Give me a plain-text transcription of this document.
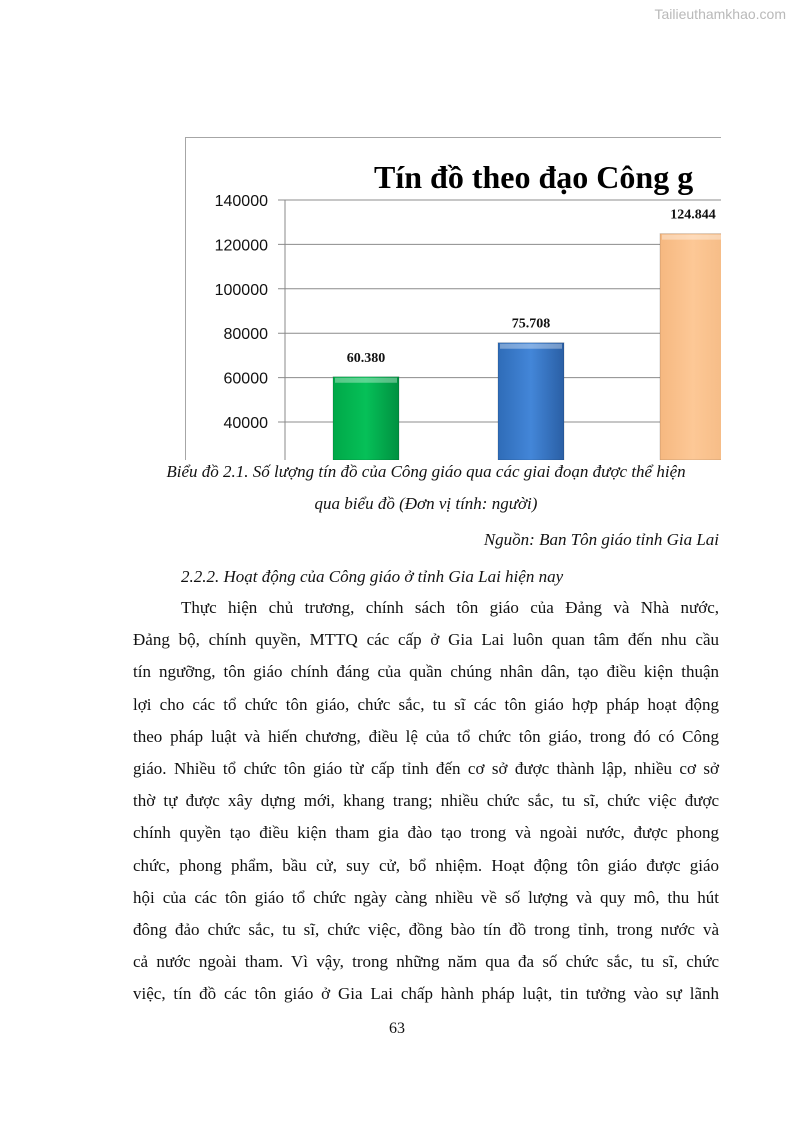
Tailieuthamkhao.com
Tín đồ theo đạo Công g
140000
120000
100000
80000
60000
40000
60.380
75.708
124.844
Biểu đồ 2.1. Số lượng tín đồ của Công giáo qua các giai đoạn được thể hiện
qua biểu đồ (Đơn vị tính: người)
Nguồn: Ban Tôn giáo tỉnh Gia Lai
2.2.2. Hoạt động của Công giáo ở tỉnh Gia Lai hiện nay
Thực hiện chủ trương, chính sách tôn giáo của Đảng và Nhà nước,
Đảng bộ, chính quyền, MTTQ các cấp ở Gia Lai luôn quan tâm đến nhu cầu
tín ngưỡng, tôn giáo chính đáng của quần chúng nhân dân, tạo điều kiện thuận
lợi cho các tổ chức tôn giáo, chức sắc, tu sĩ các tôn giáo hợp pháp hoạt động
theo pháp luật và hiến chương, điều lệ của tổ chức tôn giáo, trong đó có Công
giáo. Nhiều tổ chức tôn giáo từ cấp tỉnh đến cơ sở được thành lập, nhiều cơ sở
thờ tự được xây dựng mới, khang trang; nhiều chức sắc, tu sĩ, chức việc được
chính quyền tạo điều kiện tham gia đào tạo trong và ngoài nước, được phong
chức, phong phẩm, bầu cử, suy cử, bổ nhiệm. Hoạt động tôn giáo được giáo
hội của các tôn giáo tổ chức ngày càng nhiều về số lượng và quy mô, thu hút
đông đảo chức sắc, tu sĩ, chức việc, đồng bào tín đồ trong tỉnh, trong nước và
cả nước ngoài tham. Vì vậy, trong những năm qua đa số chức sắc, tu sĩ, chức
việc, tín đồ các tôn giáo ở Gia Lai chấp hành pháp luật, tin tưởng vào sự lãnh
63
